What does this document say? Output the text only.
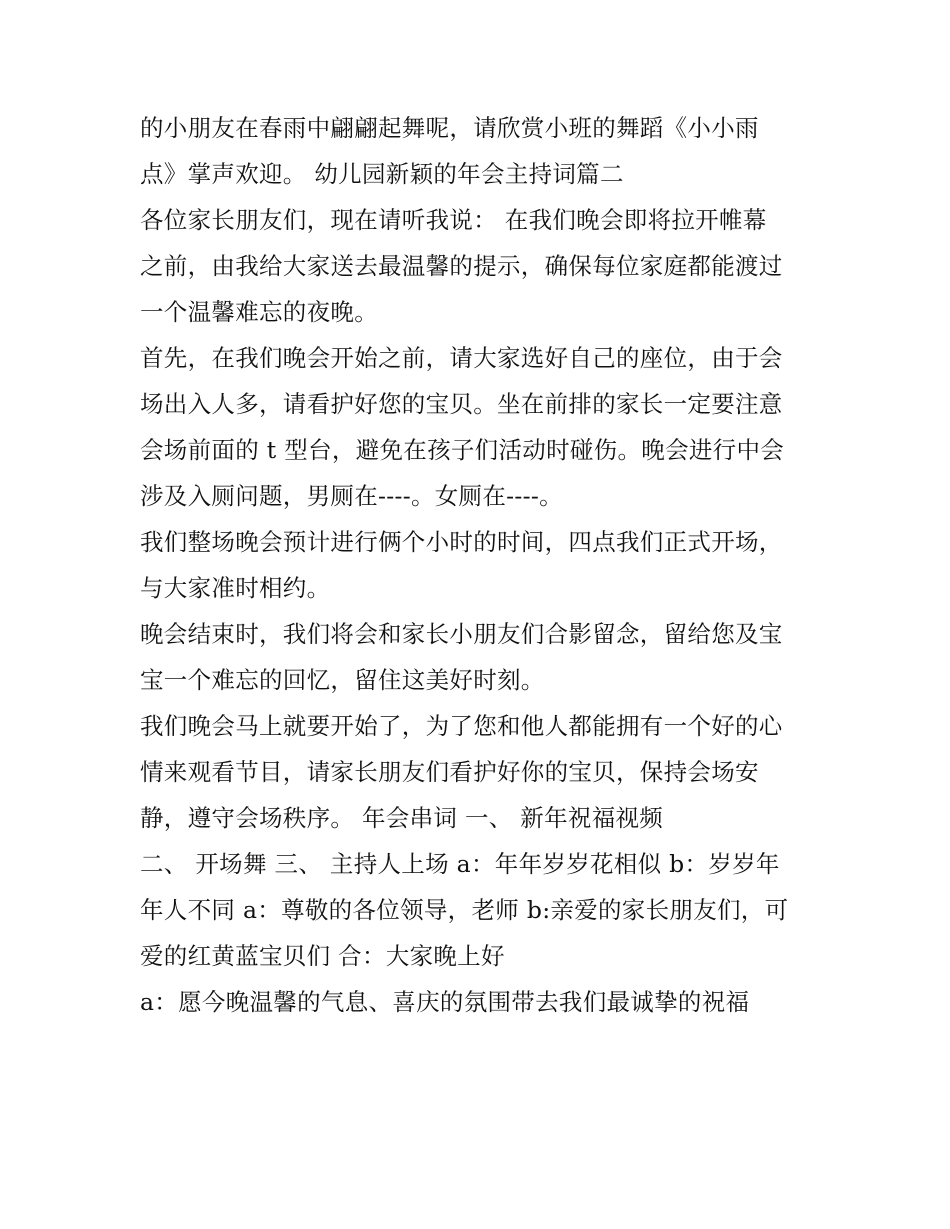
的小朋友在春雨中翩翩起舞呢，请欣赏小班的舞蹈《小小雨
点》掌声欢迎。 幼儿园新颖的年会主持词篇二
各位家长朋友们，现在请听我说： 在我们晚会即将拉开帷幕
之前，由我给大家送去最温馨的提示，确保每位家庭都能渡过
一个温馨难忘的夜晚。
首先，在我们晚会开始之前，请大家选好自己的座位，由于会
场出入人多，请看护好您的宝贝。坐在前排的家长一定要注意
会场前面的 t 型台，避免在孩子们活动时碰伤。晚会进行中会
涉及入厕问题，男厕在----。女厕在----。
我们整场晚会预计进行俩个小时的时间，四点我们正式开场，
与大家准时相约。
晚会结束时，我们将会和家长小朋友们合影留念，留给您及宝
宝一个难忘的回忆，留住这美好时刻。
我们晚会马上就要开始了，为了您和他人都能拥有一个好的心
情来观看节目，请家长朋友们看护好你的宝贝，保持会场安
静，遵守会场秩序。 年会串词 一、 新年祝福视频
二、 开场舞 三、 主持人上场 a：年年岁岁花相似 b：岁岁年
年人不同 a：尊敬的各位领导，老师 b:亲爱的家长朋友们，可
爱的红黄蓝宝贝们 合：大家晚上好
a：愿今晚温馨的气息、喜庆的氛围带去我们最诚挚的祝福
